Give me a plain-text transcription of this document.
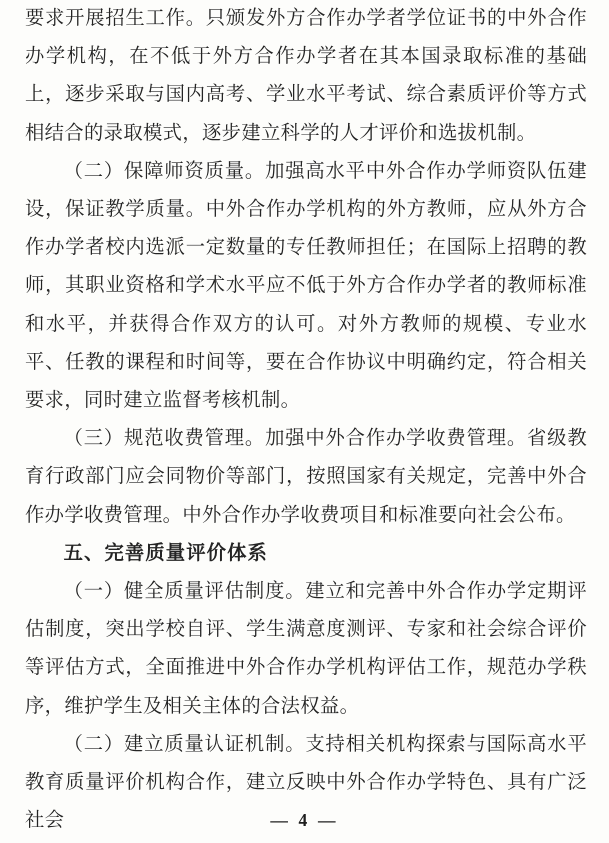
要求开展招生工作。只颁发外方合作办学者学位证书的中外合作办学机构，在不低于外方合作办学者在其本国录取标准的基础上，逐步采取与国内高考、学业水平考试、综合素质评价等方式相结合的录取模式，逐步建立科学的人才评价和选拔机制。

（二）保障师资质量。加强高水平中外合作办学师资队伍建设，保证教学质量。中外合作办学机构的外方教师，应从外方合作办学者校内选派一定数量的专任教师担任；在国际上招聘的教师，其职业资格和学术水平应不低于外方合作办学者的教师标准和水平，并获得合作双方的认可。对外方教师的规模、专业水平、任教的课程和时间等，要在合作协议中明确约定，符合相关要求，同时建立监督考核机制。

（三）规范收费管理。加强中外合作办学收费管理。省级教育行政部门应会同物价等部门，按照国家有关规定，完善中外合作办学收费管理。中外合作办学收费项目和标准要向社会公布。

五、完善质量评价体系

（一）健全质量评估制度。建立和完善中外合作办学定期评估制度，突出学校自评、学生满意度测评、专家和社会综合评价等评估方式，全面推进中外合作办学机构评估工作，规范办学秩序，维护学生及相关主体的合法权益。

（二）建立质量认证机制。支持相关机构探索与国际高水平教育质量评价机构合作，建立反映中外合作办学特色、具有广泛社会	— 4 —
